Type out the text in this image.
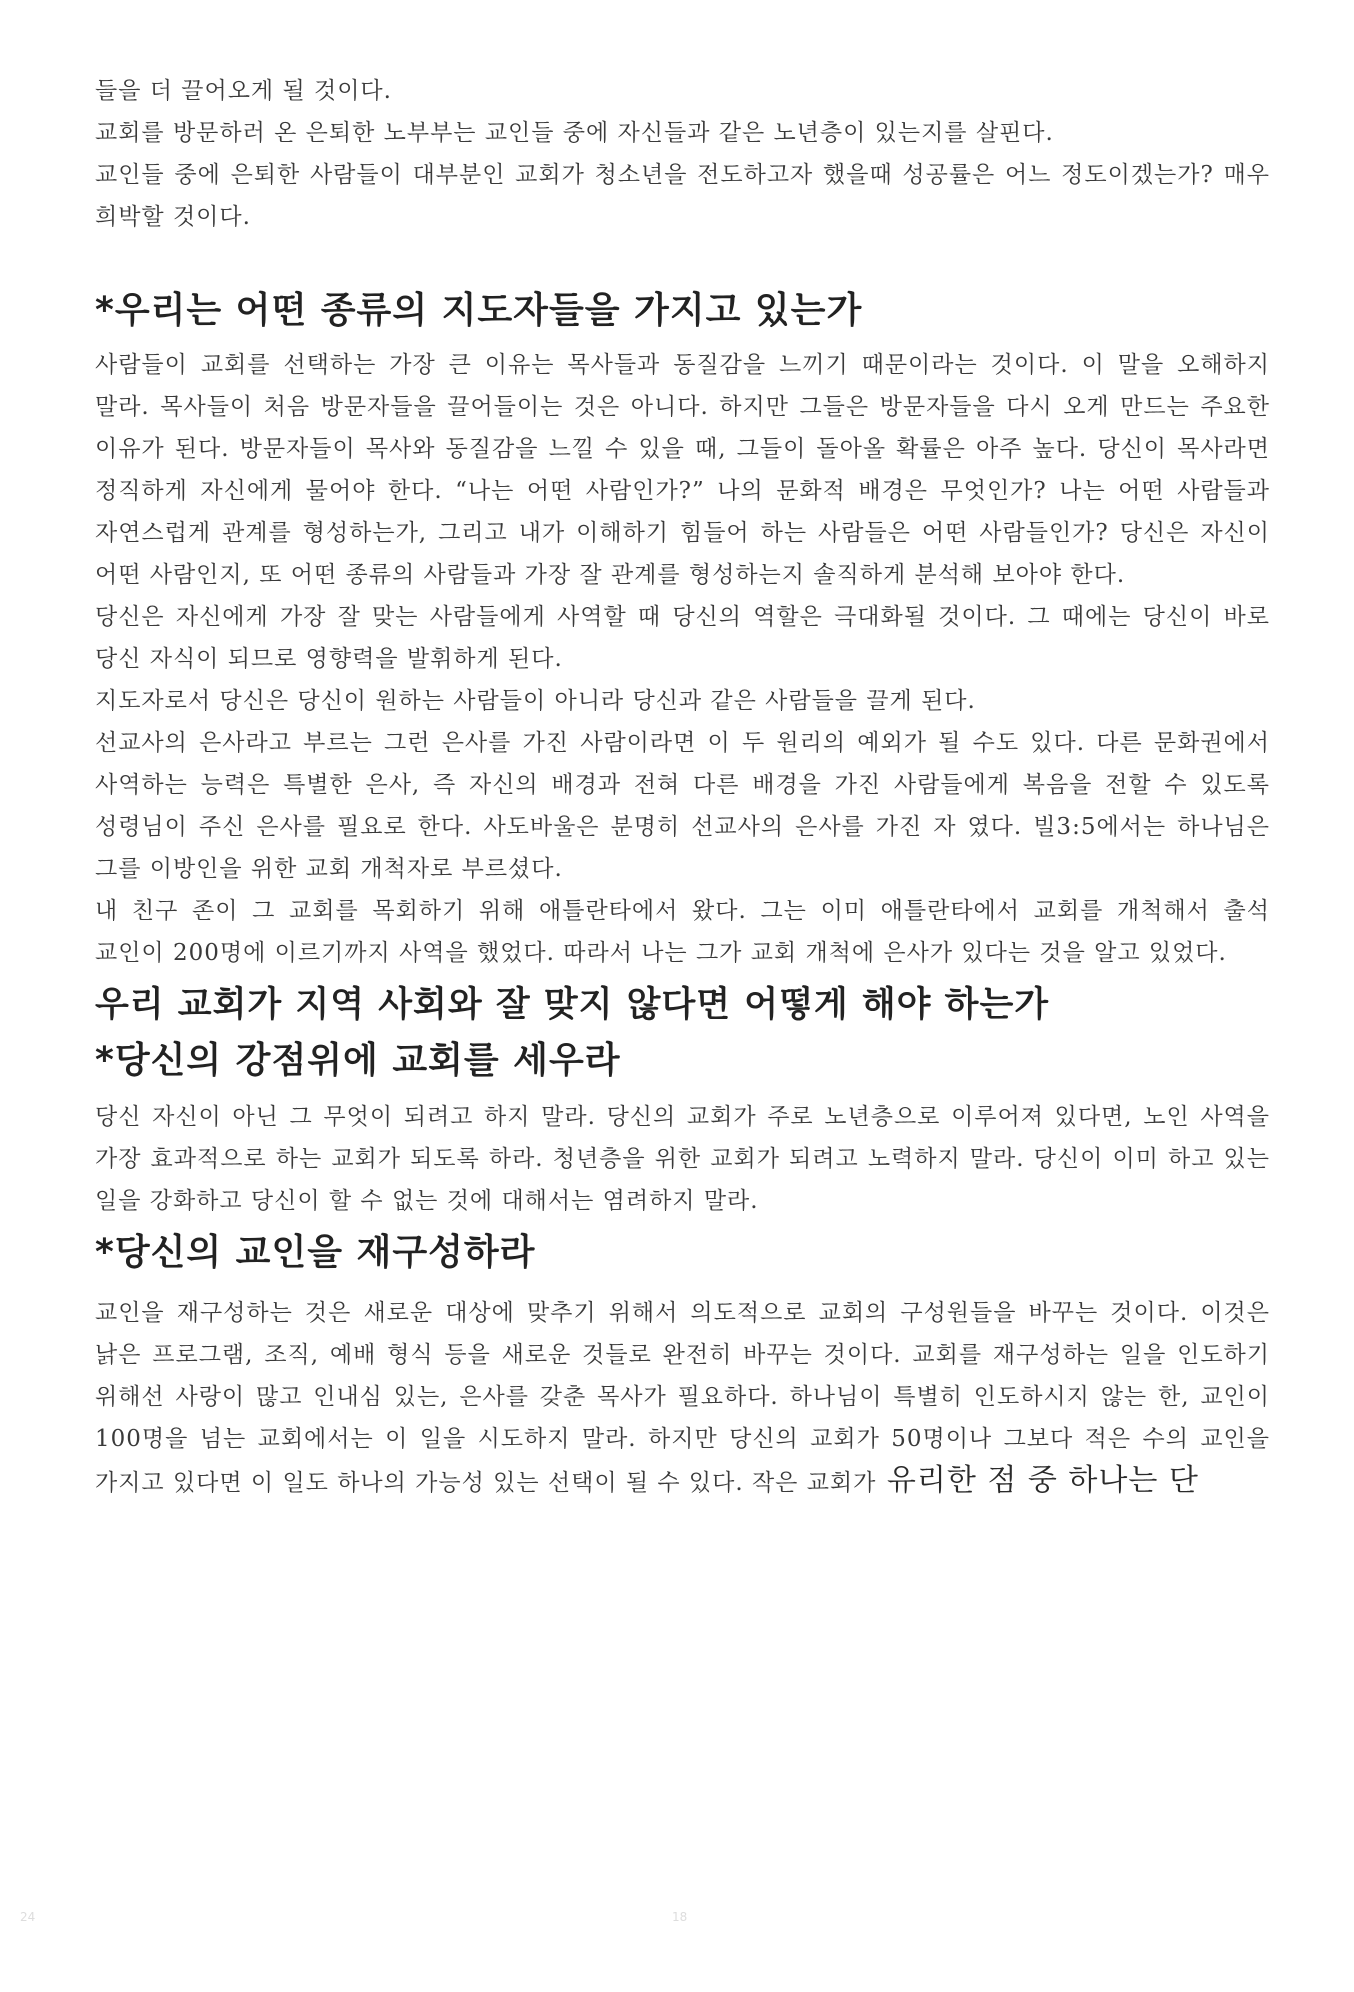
들을 더 끌어오게 될 것이다.

교회를 방문하러 온 은퇴한 노부부는 교인들 중에 자신들과 같은 노년층이 있는지를 살핀다.

교인들 중에 은퇴한 사람들이 대부분인 교회가 청소년을 전도하고자 했을때 성공률은 어느 정도이겠는가? 매우 희박할 것이다.

*우리는 어떤 종류의 지도자들을 가지고 있는가

사람들이 교회를 선택하는 가장 큰 이유는 목사들과 동질감을 느끼기 때문이라는 것이다. 이 말을 오해하지 말라. 목사들이 처음 방문자들을 끌어들이는 것은 아니다. 하지만 그들은 방문자들을 다시 오게 만드는 주요한 이유가 된다. 방문자들이 목사와 동질감을 느낄 수 있을 때, 그들이 돌아올 확률은 아주 높다. 당신이 목사라면 정직하게 자신에게 물어야 한다. “나는 어떤 사람인가?” 나의 문화적 배경은 무엇인가? 나는 어떤 사람들과 자연스럽게 관계를 형성하는가, 그리고 내가 이해하기 힘들어 하는 사람들은 어떤 사람들인가? 당신은 자신이 어떤 사람인지, 또 어떤 종류의 사람들과 가장 잘 관계를 형성하는지 솔직하게 분석해 보아야 한다.

당신은 자신에게 가장 잘 맞는 사람들에게 사역할 때 당신의 역할은 극대화될 것이다. 그 때에는 당신이 바로 당신 자식이 되므로 영향력을 발휘하게 된다.

지도자로서 당신은 당신이 원하는 사람들이 아니라 당신과 같은 사람들을 끌게 된다.

선교사의 은사라고 부르는 그런 은사를 가진 사람이라면 이 두 원리의 예외가 될 수도 있다. 다른 문화권에서 사역하는 능력은 특별한 은사, 즉 자신의 배경과 전혀 다른 배경을 가진 사람들에게 복음을 전할 수 있도록 성령님이 주신 은사를 필요로 한다. 사도바울은 분명히 선교사의 은사를 가진 자 였다. 빌3:5에서는 하나님은 그를 이방인을 위한 교회 개척자로 부르셨다.

내 친구 존이 그 교회를 목회하기 위해 애틀란타에서 왔다. 그는 이미 애틀란타에서 교회를 개척해서 출석 교인이 200명에 이르기까지 사역을 했었다. 따라서 나는 그가 교회 개척에 은사가 있다는 것을 알고 있었다.

우리 교회가 지역 사회와 잘 맞지 않다면 어떻게 해야 하는가
*당신의 강점위에 교회를 세우라

당신 자신이 아닌 그 무엇이 되려고 하지 말라. 당신의 교회가 주로 노년층으로 이루어져 있다면, 노인 사역을 가장 효과적으로 하는 교회가 되도록 하라. 청년층을 위한 교회가 되려고 노력하지 말라. 당신이 이미 하고 있는 일을 강화하고 당신이 할 수 없는 것에 대해서는 염려하지 말라.

*당신의 교인을 재구성하라

교인을 재구성하는 것은 새로운 대상에 맞추기 위해서 의도적으로 교회의 구성원들을 바꾸는 것이다. 이것은 낡은 프로그램, 조직, 예배 형식 등을 새로운 것들로 완전히 바꾸는 것이다. 교회를 재구성하는 일을 인도하기 위해선 사랑이 많고 인내심 있는, 은사를 갖춘 목사가 필요하다. 하나님이 특별히 인도하시지 않는 한, 교인이 100명을 넘는 교회에서는 이 일을 시도하지 말라. 하지만 당신의 교회가 50명이나 그보다 적은 수의 교인을 가지고 있다면 이 일도 하나의 가능성 있는 선택이 될 수 있다. 작은 교회가 유리한 점 중 하나는 단

24	18
